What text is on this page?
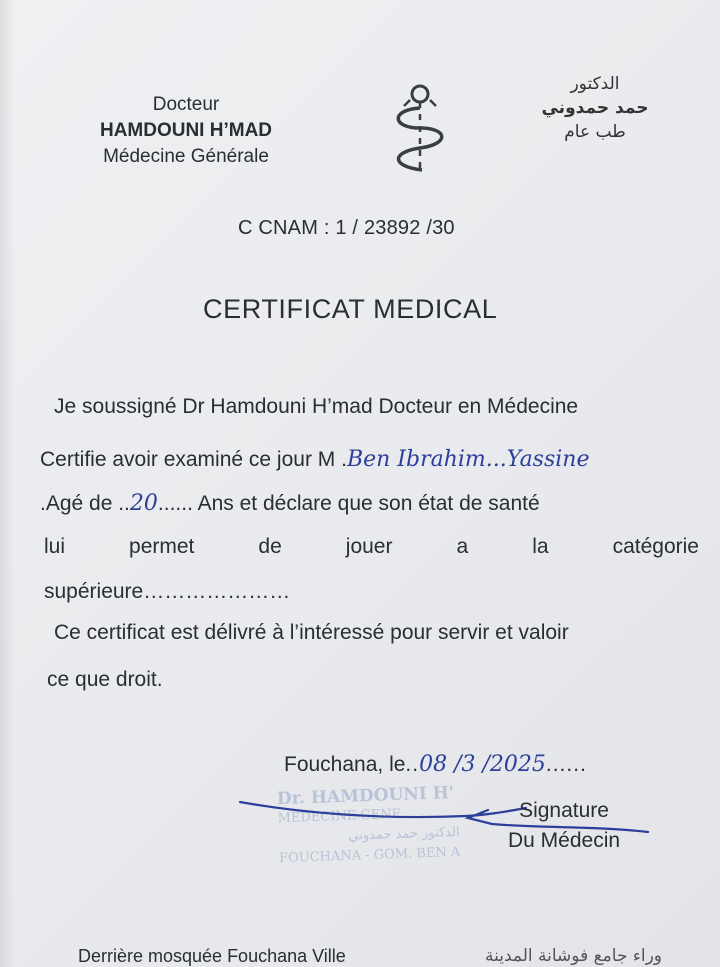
Docteur
HAMDOUNI H’MAD
Médecine Générale
الدكتور
حمد حمدوني
طب عام
C CNAM : 1 / 23892 /30
CERTIFICAT MEDICAL
Je soussigné Dr Hamdouni H’mad Docteur en Médecine
Certifie avoir examiné ce jour M .Ben Ibrahim...Yassine
.Agé de ..20...... Ans et déclare que son état de santé
lui	permet	de	jouer	a	la	catégorie
supérieure…………………
Ce certificat est délivré à l’intéressé pour servir et valoir
ce que droit.
Fouchana, le..08 /3 /2025......
Dr. HAMDOUNI H'
MEDECINE GENE
الدكتور حمد حمدوني
FOUCHANA - GOM. BEN A
Signature
Du Médecin
Derrière mosquée Fouchana Ville	وراء جامع فوشانة المدينة
